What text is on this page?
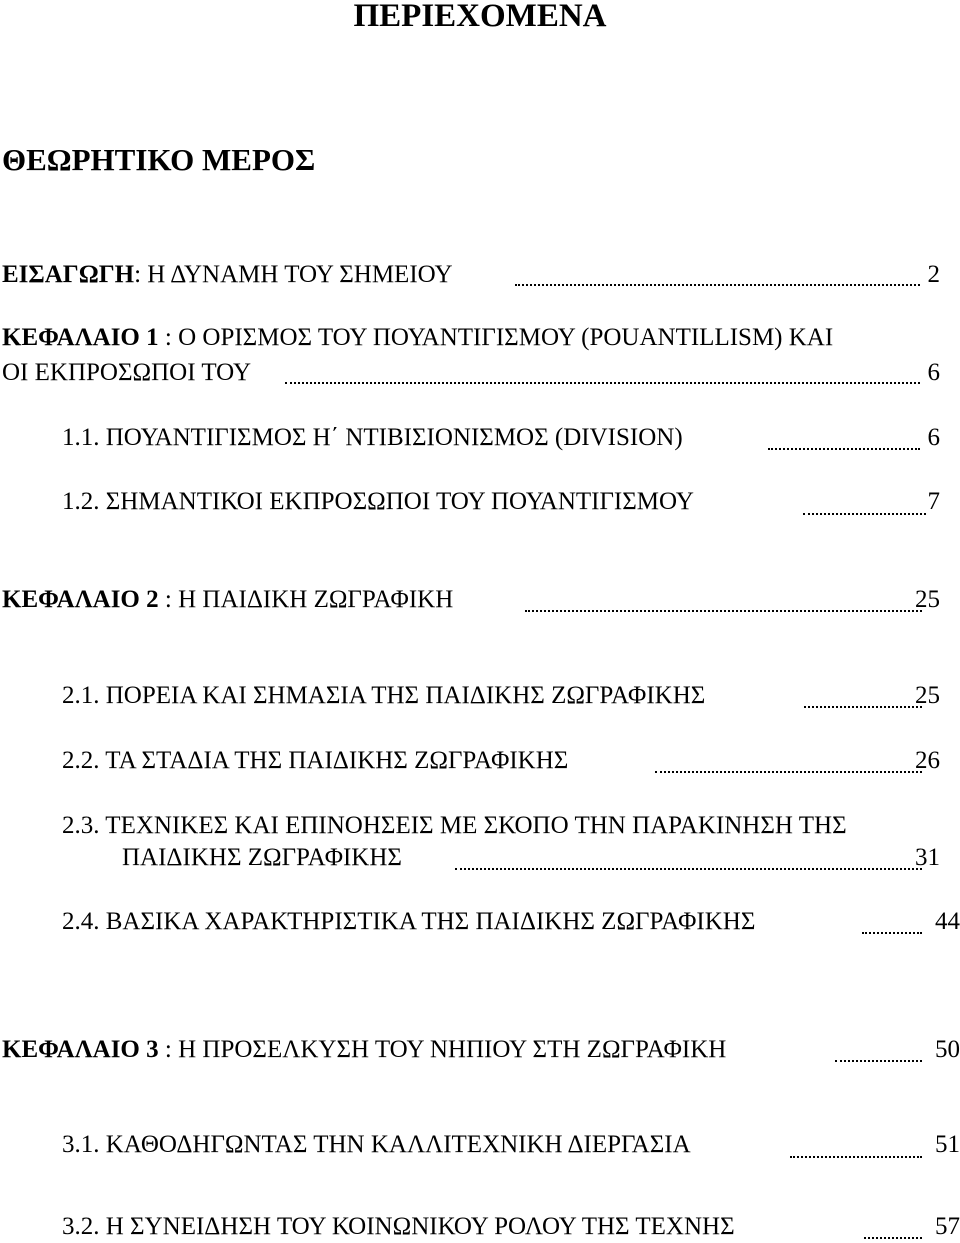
ΠΕΡΙΕΧΟΜΕΝΑ
ΘΕΩΡΗΤΙΚΟ ΜΕΡΟΣ
ΕΙΣΑΓΩΓΗ: Η ΔΥΝΑΜΗ ΤΟΥ ΣΗΜΕΙΟΥ	2
ΚΕΦΑΛΑΙΟ 1 : Ο ΟΡΙΣΜΟΣ ΤΟΥ ΠΟΥΑΝΤΙΓΙΣΜΟΥ (POUANTILLISM) ΚΑΙ
ΟΙ ΕΚΠΡΟΣΩΠΟΙ ΤΟΥ	6
1.1. ΠΟΥΑΝΤΙΓΙΣΜΟΣ Η΄ ΝΤΙΒΙΣΙΟΝΙΣΜΟΣ (DIVISION)	6
1.2. ΣΗΜΑΝΤΙΚΟΙ ΕΚΠΡΟΣΩΠΟΙ ΤΟΥ ΠΟΥΑΝΤΙΓΙΣΜΟΥ	7
ΚΕΦΑΛΑΙΟ 2 : Η ΠΑΙΔΙΚΗ ΖΩΓΡΑΦΙΚΗ	25
2.1. ΠΟΡΕΙΑ ΚΑΙ ΣΗΜΑΣΙΑ ΤΗΣ ΠΑΙΔΙΚΗΣ ΖΩΓΡΑΦΙΚΗΣ	25
2.2. ΤΑ ΣΤΑΔΙΑ ΤΗΣ ΠΑΙΔΙΚΗΣ ΖΩΓΡΑΦΙΚΗΣ	26
2.3. ΤΕΧΝΙΚΕΣ ΚΑΙ ΕΠΙΝΟΗΣΕΙΣ ΜΕ ΣΚΟΠΟ ΤΗΝ ΠΑΡΑΚΙΝΗΣΗ ΤΗΣ
ΠΑΙΔΙΚΗΣ ΖΩΓΡΑΦΙΚΗΣ	31
2.4. ΒΑΣΙΚΑ ΧΑΡΑΚΤΗΡΙΣΤΙΚΑ ΤΗΣ ΠΑΙΔΙΚΗΣ ΖΩΓΡΑΦΙΚΗΣ	44
ΚΕΦΑΛΑΙΟ 3 : Η ΠΡΟΣΕΛΚΥΣΗ ΤΟΥ ΝΗΠΙΟΥ ΣΤΗ ΖΩΓΡΑΦΙΚΗ	50
3.1. ΚΑΘΟΔΗΓΩΝΤΑΣ ΤΗΝ ΚΑΛΛΙΤΕΧΝΙΚΗ ΔΙΕΡΓΑΣΙΑ	51
3.2. Η ΣΥΝΕΙΔΗΣΗ ΤΟΥ ΚΟΙΝΩΝΙΚΟΥ ΡΟΛΟΥ ΤΗΣ ΤΕΧΝΗΣ	57
